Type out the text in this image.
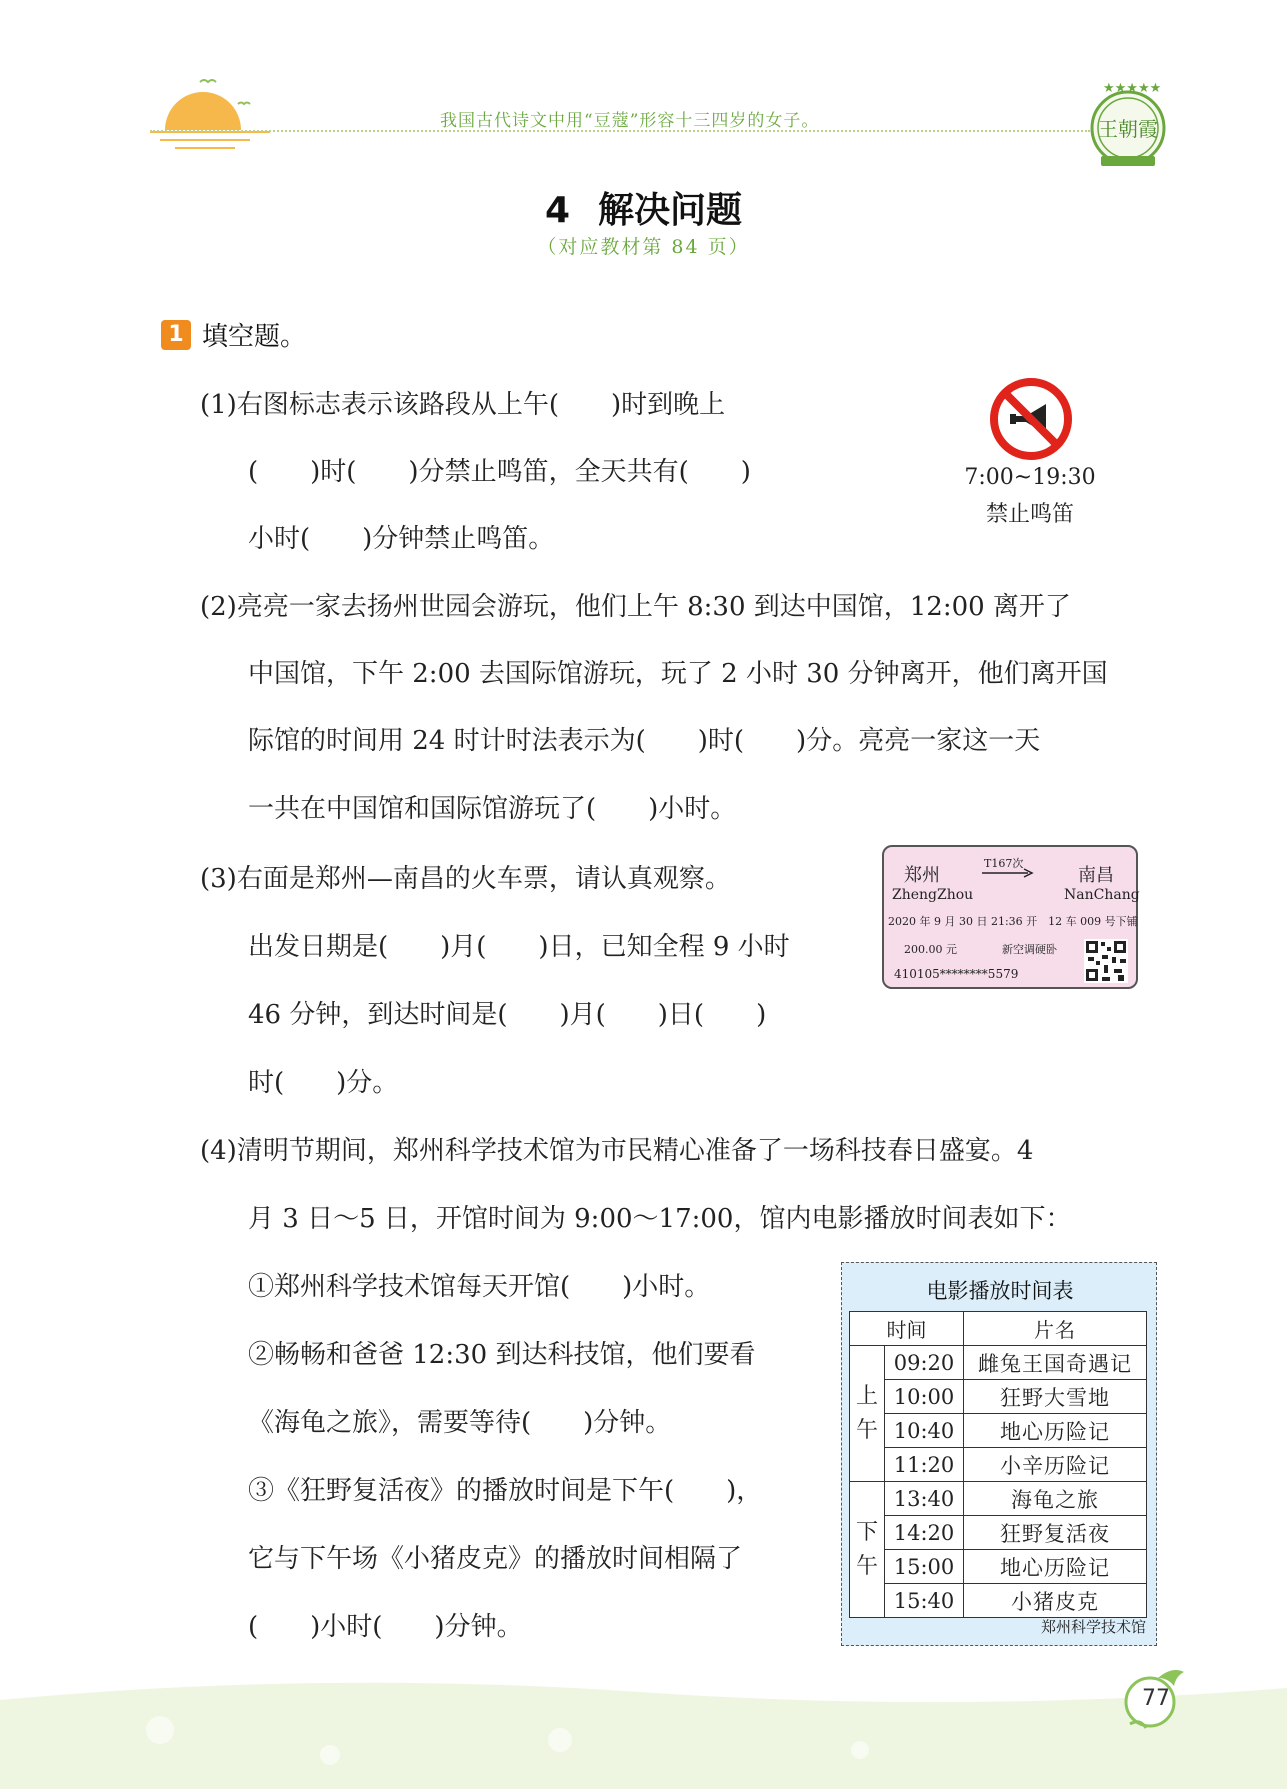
我国古代诗文中用“豆蔻”形容十三四岁的女子。
★★★★★
王朝霞
4 解决问题
（对应教材第 84 页）
1 填空题。
(1)右图标志表示该路段从上午(　　)时到晚上
(　　)时(　　)分禁止鸣笛，全天共有(　　)
小时(　　)分钟禁止鸣笛。
7:00~19:30
禁止鸣笛
(2)亮亮一家去扬州世园会游玩，他们上午 8:30 到达中国馆，12:00 离开了
中国馆，下午 2:00 去国际馆游玩，玩了 2 小时 30 分钟离开，他们离开国
际馆的时间用 24 时计时法表示为(　　)时(　　)分。亮亮一家这一天
一共在中国馆和国际馆游玩了(　　)小时。
(3)右面是郑州—南昌的火车票，请认真观察。
出发日期是(　　)月(　　)日，已知全程 9 小时
46 分钟，到达时间是(　　)月(　　)日(　　)
时(　　)分。
郑州
T167次
南昌
ZhengZhou	NanChang
2020 年 9 月 30 日 21:36 开　12 车 009 号下铺
200.00 元	新空调硬卧
410105********5579
(4)清明节期间，郑州科学技术馆为市民精心准备了一场科技春日盛宴。4
月 3 日～5 日，开馆时间为 9:00～17:00，馆内电影播放时间表如下：
①郑州科学技术馆每天开馆(　　)小时。
②畅畅和爸爸 12:30 到达科技馆，他们要看
《海龟之旅》，需要等待(　　)分钟。
③《狂野复活夜》的播放时间是下午(　　)，
它与下午场《小猪皮克》的播放时间相隔了
(　　)小时(　　)分钟。
电影播放时间表
时间		片名
上
午	09:20	雌兔王国奇遇记
	10:00	狂野大雪地
	10:40	地心历险记
	11:20	小辛历险记
下
午	13:40	海龟之旅
	14:20	狂野复活夜
	15:00	地心历险记
	15:40	小猪皮克
郑州科学技术馆
77
